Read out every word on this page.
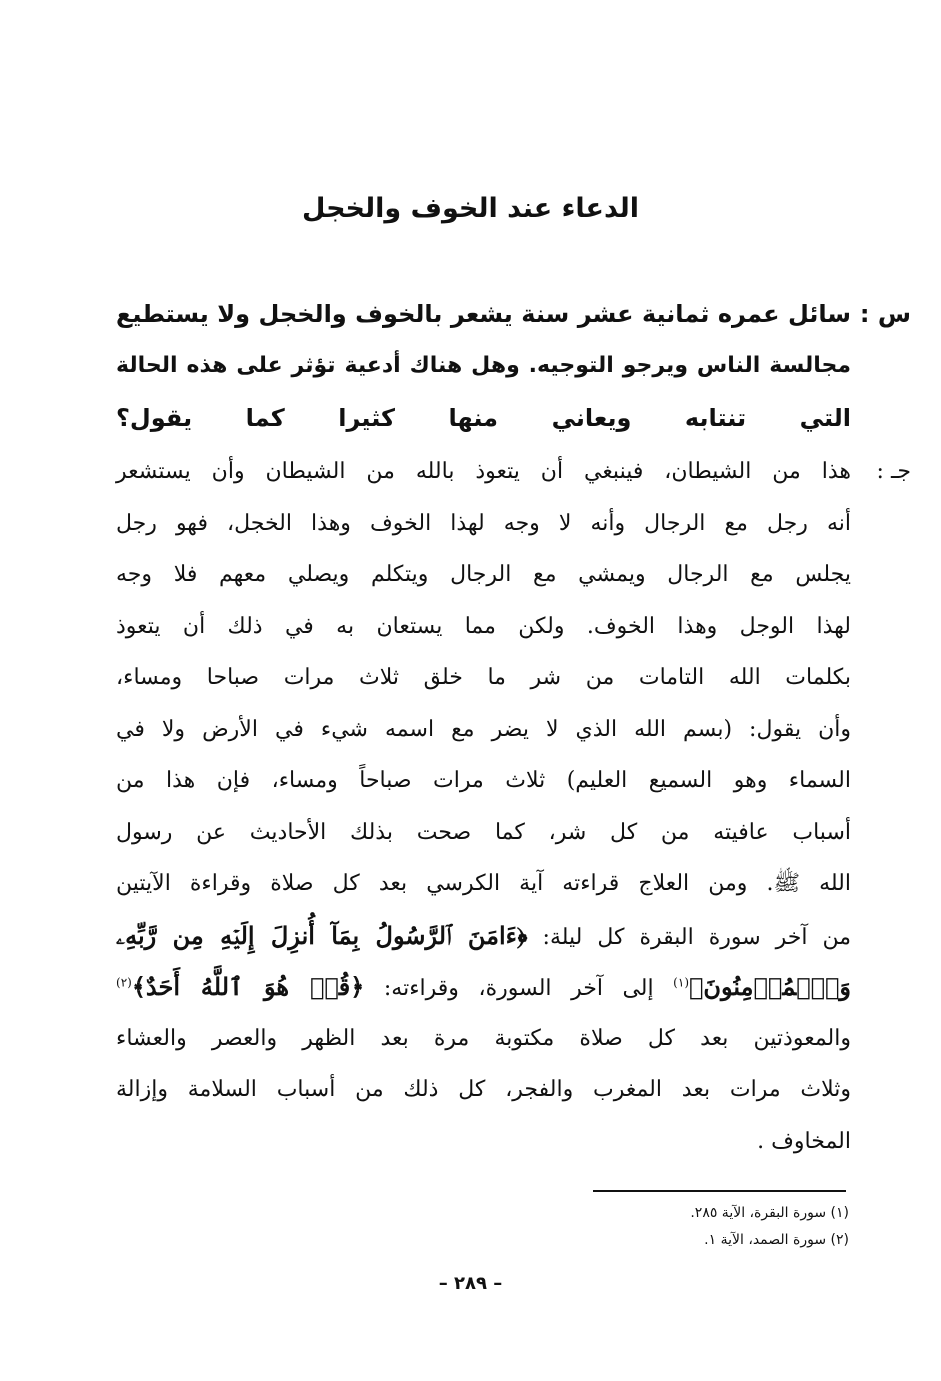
الدعاء عند الخوف والخجل
س :
سائل عمره ثمانية عشر سنة يشعر بالخوف والخجل ولا يستطيع
مجالسة الناس ويرجو التوجيه. وهل هناك أدعية تؤثر على هذه الحالة
التي تنتابه ويعاني منها كثيرا كما يقول؟
جـ :
هذا من الشيطان، فينبغي أن يتعوذ بالله من الشيطان وأن يستشعر
أنه رجل مع الرجال وأنه لا وجه لهذا الخوف وهذا الخجل، فهو رجل
يجلس مع الرجال ويمشي مع الرجال ويتكلم ويصلي معهم فلا وجه
لهذا الوجل وهذا الخوف. ولكن مما يستعان به في ذلك أن يتعوذ
بكلمات الله التامات من شر ما خلق ثلاث مرات صباحا ومساء،
وأن يقول: (بسم الله الذي لا يضر مع اسمه شيء في الأرض ولا في
السماء وهو السميع العليم) ثلاث مرات صباحاً ومساء، فإن هذا من
أسباب عافيته من كل شر، كما صحت بذلك الأحاديث عن رسول
الله ﷺ. ومن العلاج قراءته آية الكرسي بعد كل صلاة وقراءة الآيتين
من آخر سورة البقرة كل ليلة: ﴿ءَامَنَ ٱلرَّسُولُ بِمَآ أُنزِلَ إِلَيۡهِ مِن رَّبِّهِۦ
وَٱلۡمُؤۡمِنُونَ﴾$^{(١)}$ إلى آخر السورة، وقراءته: ﴿قُلۡ هُوَ ٱللَّهُ أَحَدٌ﴾$^{(٢)}$
والمعوذتين بعد كل صلاة مكتوبة مرة بعد الظهر والعصر والعشاء
وثلاث مرات بعد المغرب والفجر، كل ذلك من أسباب السلامة وإزالة
المخاوف .
(١) سورة البقرة، الآية ٢٨٥.
(٢) سورة الصمد، الآية ١.
– ٢٨٩ –
